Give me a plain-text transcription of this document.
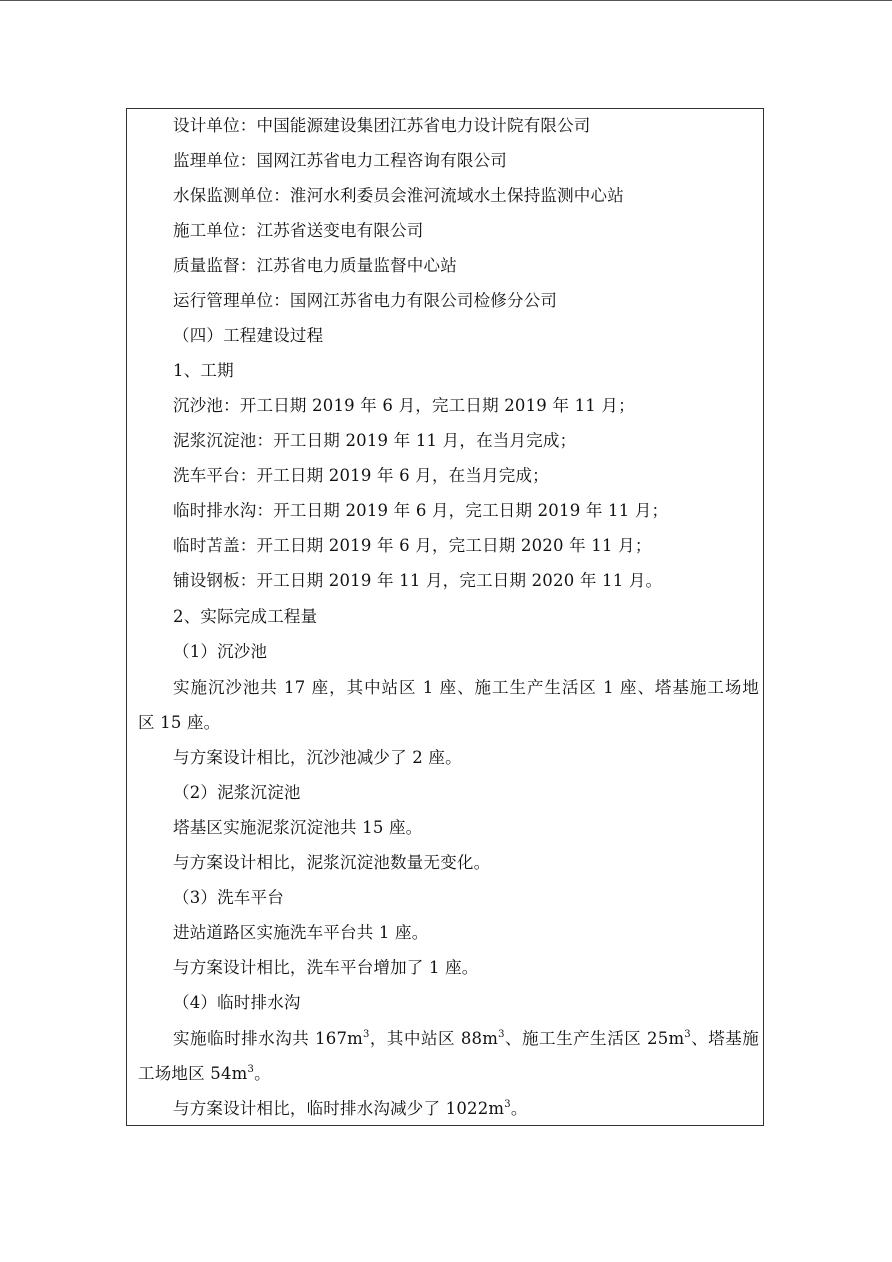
设计单位：中国能源建设集团江苏省电力设计院有限公司
监理单位：国网江苏省电力工程咨询有限公司
水保监测单位：淮河水利委员会淮河流域水土保持监测中心站
施工单位：江苏省送变电有限公司
质量监督：江苏省电力质量监督中心站
运行管理单位：国网江苏省电力有限公司检修分公司
（四）工程建设过程
1、工期
沉沙池：开工日期 2019 年 6 月，完工日期 2019 年 11 月；
泥浆沉淀池：开工日期 2019 年 11 月，在当月完成；
洗车平台：开工日期 2019 年 6 月，在当月完成；
临时排水沟：开工日期 2019 年 6 月，完工日期 2019 年 11 月；
临时苫盖：开工日期 2019 年 6 月，完工日期 2020 年 11 月；
铺设钢板：开工日期 2019 年 11 月，完工日期 2020 年 11 月。
2、实际完成工程量
（1）沉沙池
实施沉沙池共 17 座，其中站区 1 座、施工生产生活区 1 座、塔基施工场地
区 15 座。
与方案设计相比，沉沙池减少了 2 座。
（2）泥浆沉淀池
塔基区实施泥浆沉淀池共 15 座。
与方案设计相比，泥浆沉淀池数量无变化。
（3）洗车平台
进站道路区实施洗车平台共 1 座。
与方案设计相比，洗车平台增加了 1 座。
（4）临时排水沟
实施临时排水沟共 $167m^3$，其中站区 $88m^3$、施工生产生活区 $25m^3$、塔基施
工场地区 $54m^3$。
与方案设计相比，临时排水沟减少了 $1022m^3$。
